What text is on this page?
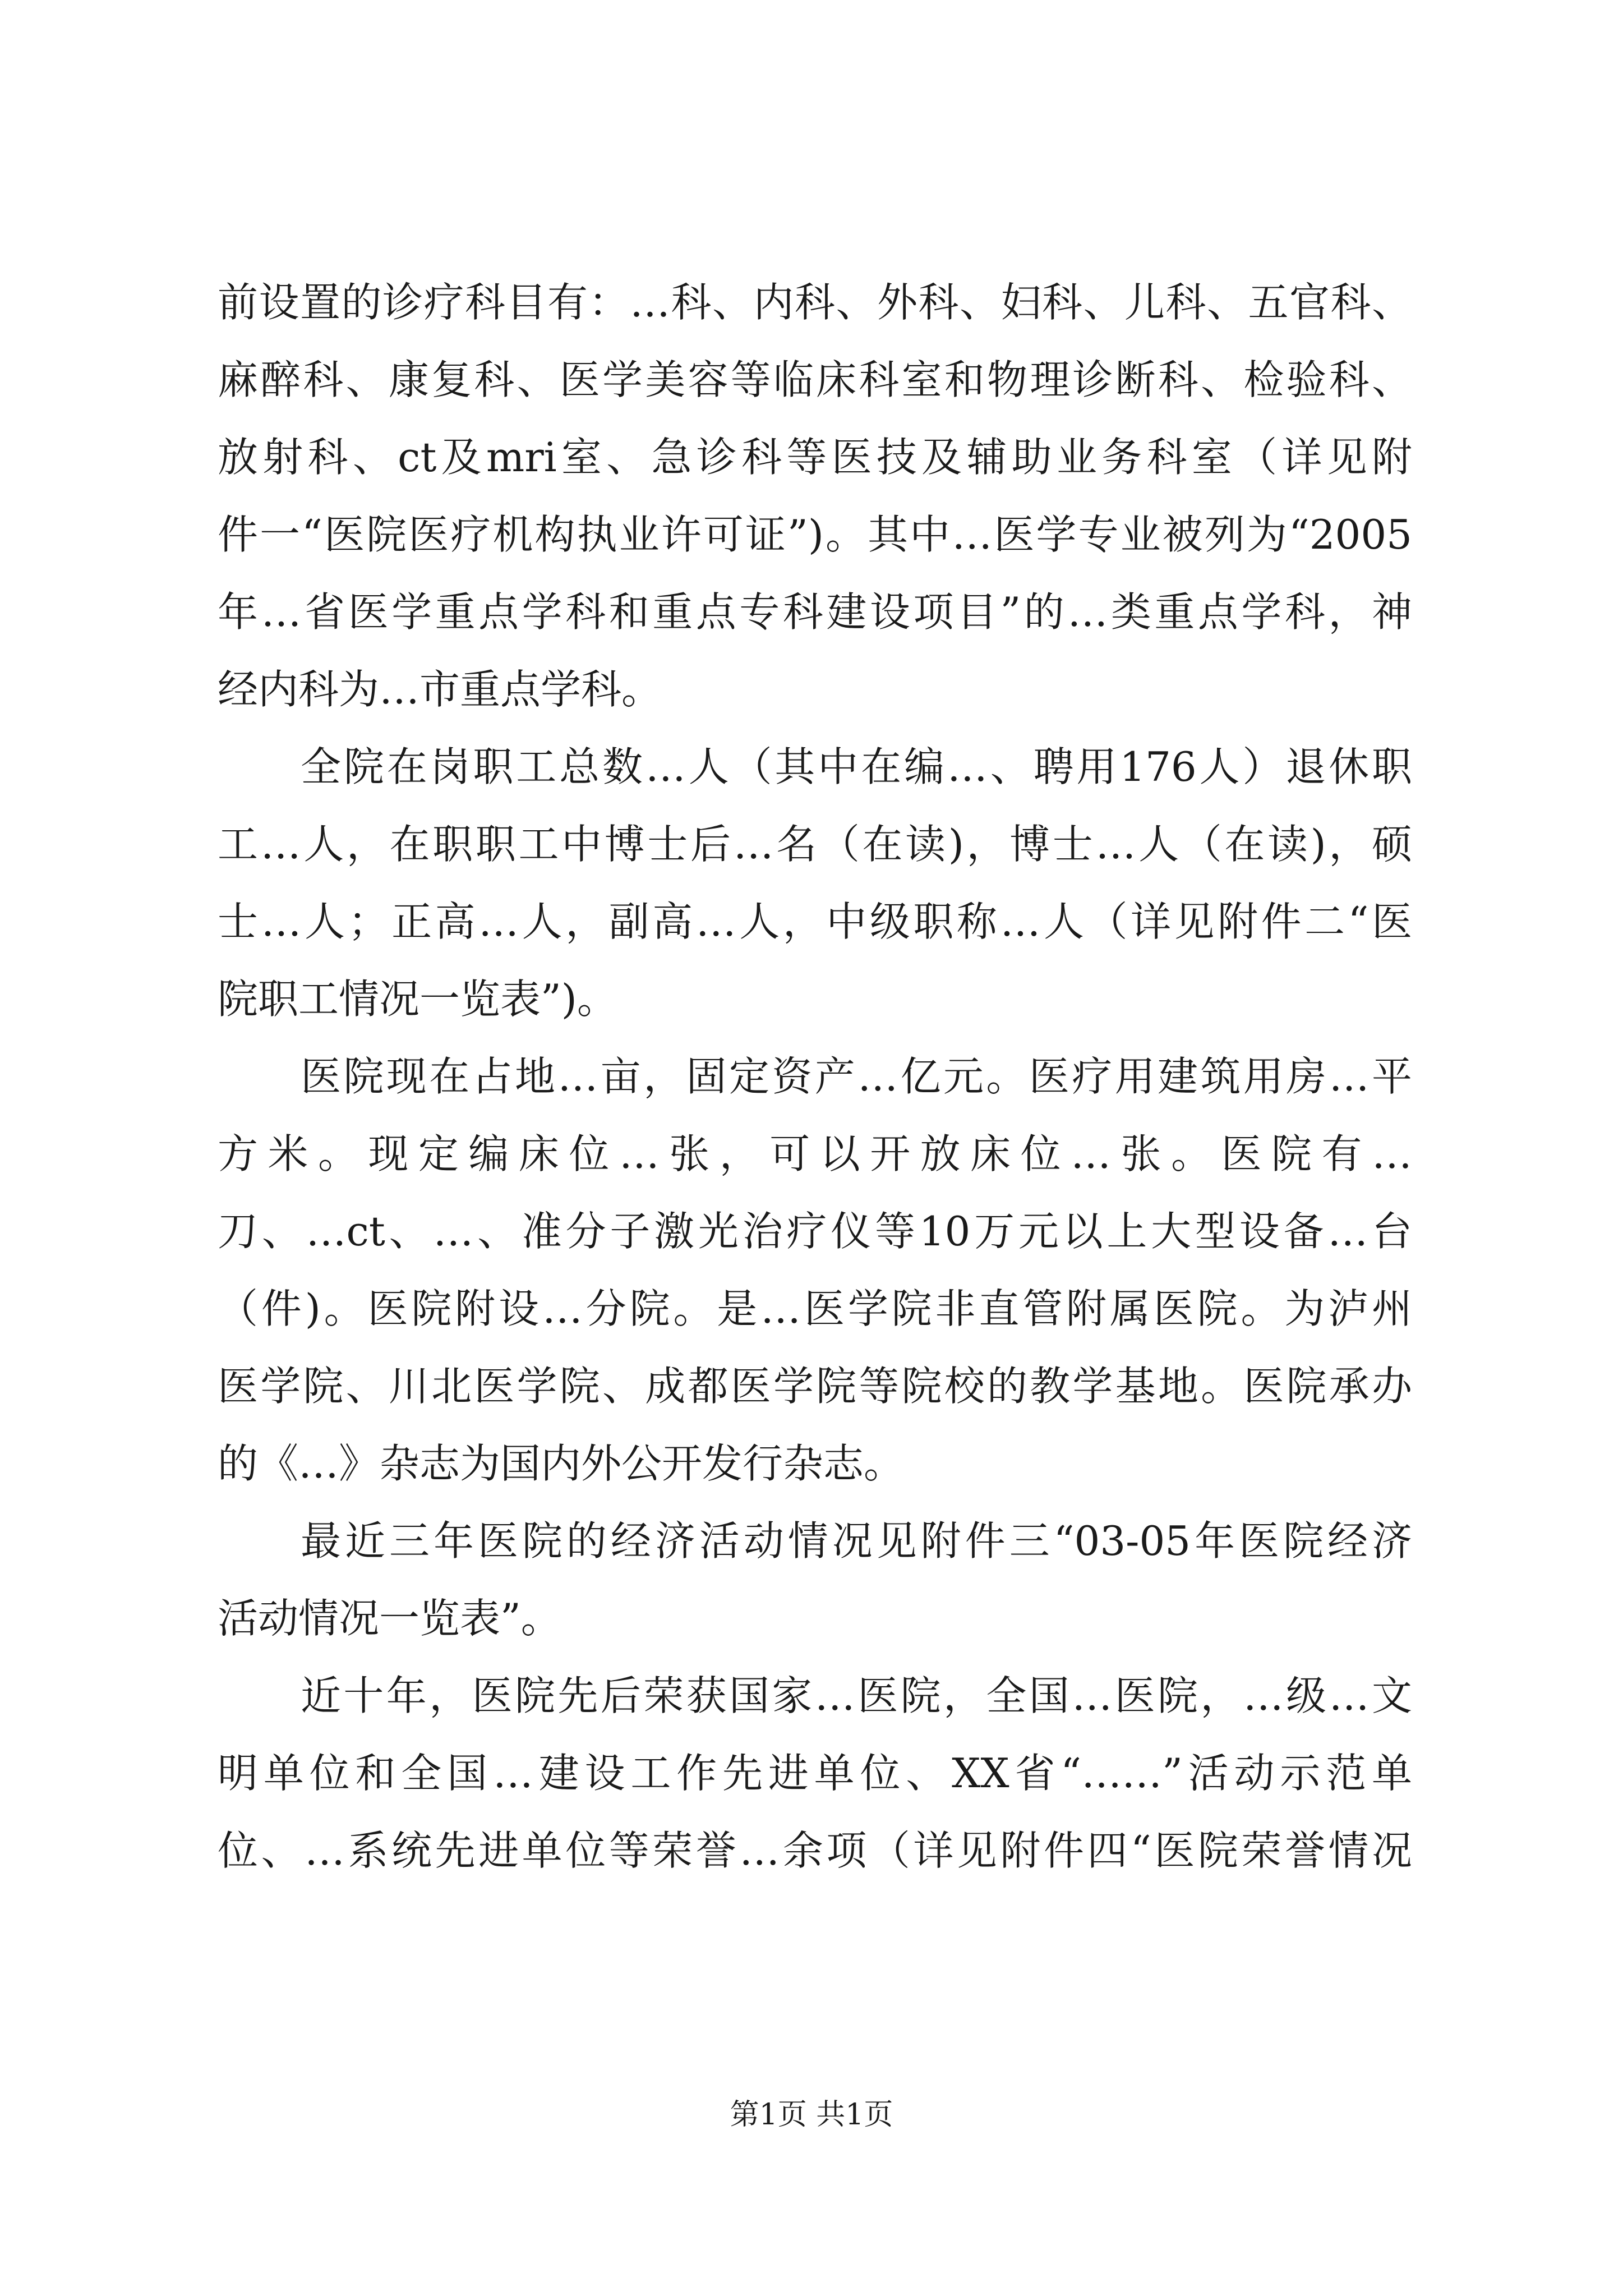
前设置的诊疗科目有：…科、内科、外科、妇科、儿科、五官科、
麻醉科、康复科、医学美容等临床科室和物理诊断科、检验科、
放射科、ct及mri室、急诊科等医技及辅助业务科室（详见附
件一“医院医疗机构执业许可证”)。其中…医学专业被列为“2005
年…省医学重点学科和重点专科建设项目”的…类重点学科，神
经内科为…市重点学科。
全院在岗职工总数…人（其中在编…、聘用176人）退休职
工…人，在职职工中博士后…名（在读)，博士…人（在读)，硕
士…人；正高…人，副高…人，中级职称…人（详见附件二“医
院职工情况一览表”)。
医院现在占地…亩，固定资产…亿元。医疗用建筑用房…平
方米。现定编床位…张，可以开放床位…张。医院有…
刀、…ct、…、准分子激光治疗仪等10万元以上大型设备…台
（件)。医院附设…分院。是…医学院非直管附属医院。为泸州
医学院、川北医学院、成都医学院等院校的教学基地。医院承办
的《…》杂志为国内外公开发行杂志。
最近三年医院的经济活动情况见附件三“03-05年医院经济
活动情况一览表”。
近十年，医院先后荣获国家…医院，全国…医院，…级…文
明单位和全国…建设工作先进单位、XX省“……”活动示范单
位、…系统先进单位等荣誉…余项（详见附件四“医院荣誉情况
第1页 共1页
